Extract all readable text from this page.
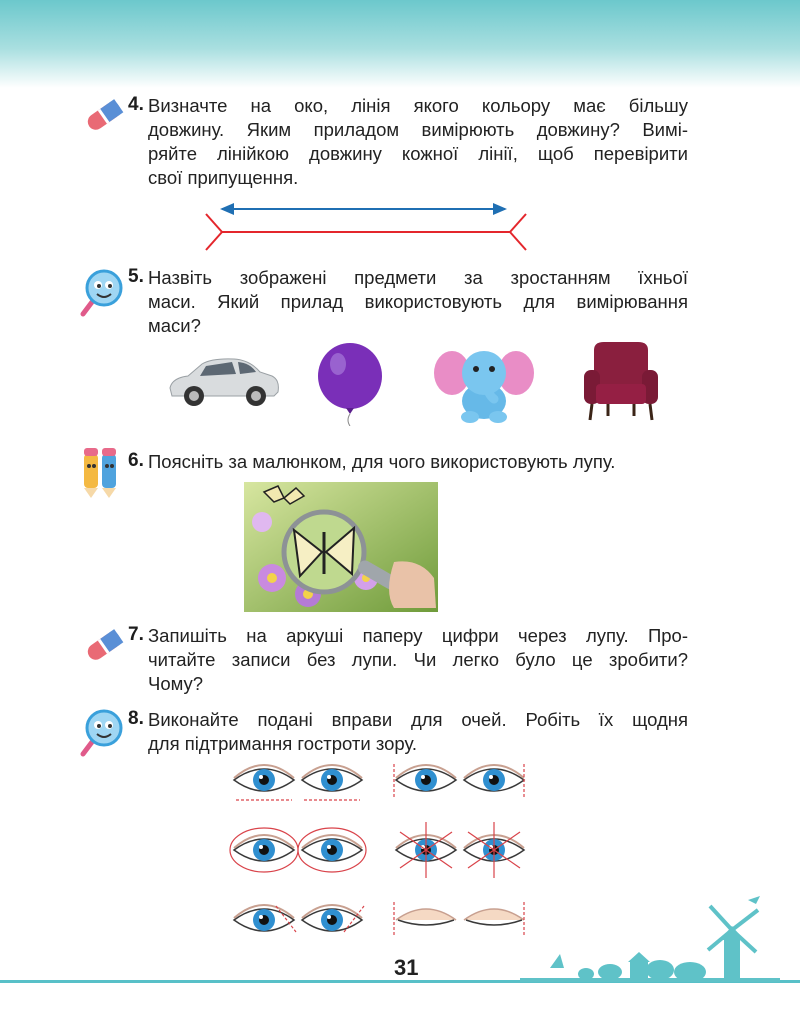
4. Визначте на око, лінія якого кольору має більшу
довжину. Яким приладом вимірюють довжину? Вимі-
ряйте лінійкою довжину кожної лінії, щоб перевірити
свої припущення.
5. Назвіть зображені предмети за зростанням їхньої
маси. Який прилад використовують для вимірювання
маси?
6. Поясніть за малюнком, для чого використовують лупу.
7. Запишіть на аркуші паперу цифри через лупу. Про-
читайте записи без лупи. Чи легко було це зробити?
Чому?
8. Виконайте подані вправи для очей. Робіть їх щодня
для підтримання гостроти зору.
31
